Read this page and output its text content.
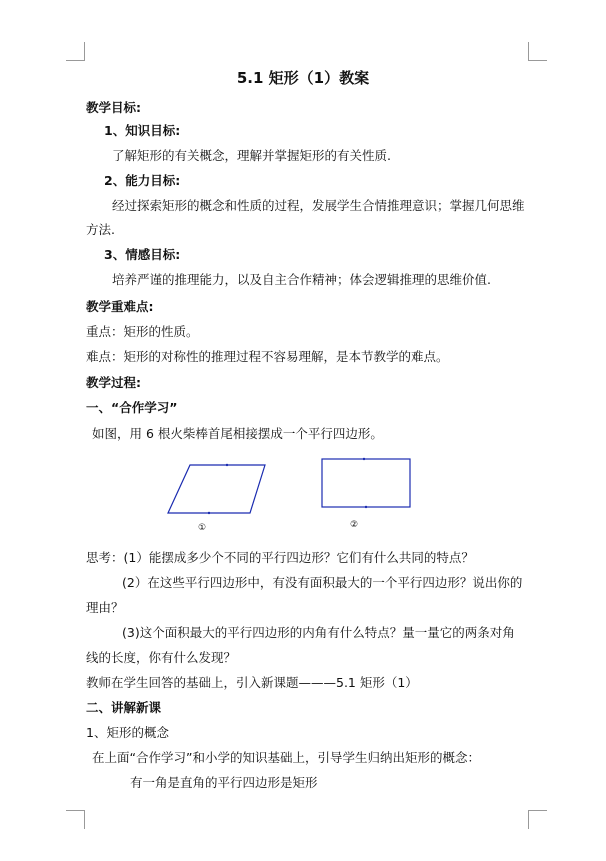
5.1 矩形（1）教案
教学目标:
1、知识目标:
了解矩形的有关概念，理解并掌握矩形的有关性质.
2、能力目标:
经过探索矩形的概念和性质的过程，发展学生合情推理意识；掌握几何思维
方法.
3、情感目标:
培养严谨的推理能力，以及自主合作精神；体会逻辑推理的思维价值.
教学重难点:
重点：矩形的性质。
难点：矩形的对称性的推理过程不容易理解，是本节教学的难点。
教学过程:
一、“合作学习”
如图，用 6 根火柴棒首尾相接摆成一个平行四边形。
①	②
思考：(1）能摆成多少个不同的平行四边形？它们有什么共同的特点？
(2）在这些平行四边形中，有没有面积最大的一个平行四边形？说出你的
理由？
(3)这个面积最大的平行四边形的内角有什么特点？量一量它的两条对角
线的长度，你有什么发现？
教师在学生回答的基础上，引入新课题———5.1 矩形（1）
二、讲解新课
1、矩形的概念
在上面“合作学习”和小学的知识基础上，引导学生归纳出矩形的概念：
有一角是直角的平行四边形是矩形
